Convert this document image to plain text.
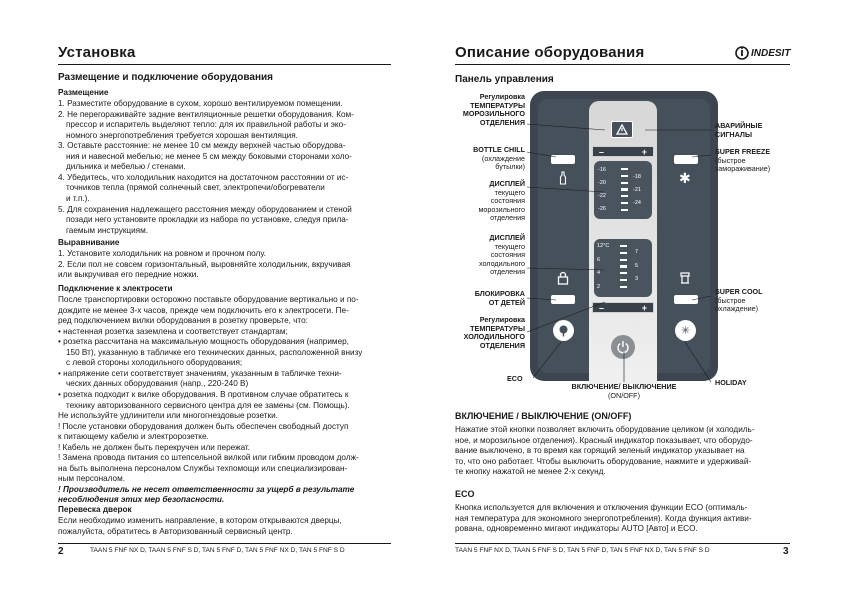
Установка
Размещение и подключение оборудования
Размещение
1. Разместите оборудование в сухом, хорошо вентилируемом помещении.
2. Не перегораживайте задние вентиляционные решетки оборудования. Ком-
прессор и испаритель выделяют тепло: для их правильной работы и эко-
номного энергопотребления требуется хорошая вентиляция.
3. Оставьте расстояние: не менее 10 см между верхней частью оборудова-
ния и навесной мебелью; не менее 5 см между боковыми сторонами холо-
дильника и мебелью / стенами.
4. Убедитесь, что холодильник находится на достаточном расстоянии от ис-
точников тепла (прямой солнечный свет, электропечи/обогреватели
и т.п.).
5. Для сохранения надлежащего расстояния между оборудованием и стеной
позади него установите прокладки из набора по установке, следуя прила-
гаемым инструкциям.
Выравнивание
1. Установите холодильник на ровном и прочном полу.
2. Если пол не совсем горизонтальный, выровняйте холодильник, вкручивая
или выкручивая его передние ножки.
Подключение к электросети
После транспортировки осторожно поставьте оборудование вертикально и по-
дождите не менее 3-х часов, прежде чем подключить его к электросети. Пе-
ред подключением вилки оборудования в розетку проверьте, что:
• настенная розетка заземлена и соответствует стандартам;
• розетка рассчитана на максимальную мощность оборудования (например,
150 Вт), указанную в табличке его технических данных, расположенной внизу
с левой стороны холодильного оборудования;
• напряжение сети соответствует значениям, указанным в табличке техни-
ческих данных оборудования (напр., 220-240 В)
• розетка подходит к вилке оборудования. В противном случае обратитесь к
технику авторизованного сервисного центра для ее замены (см. Помощь).
Не используйте удлинители или многогнездовые розетки.
! После установки оборудования должен быть обеспечен свободный доступ
к питающему кабелю и электророзетке.
! Кабель не должен быть перекручен или пережат.
! Замена провода питания со штепсельной вилкой или гибким проводом долж-
на быть выполнена персоналом Службы техпомощи или специализирован-
ным персоналом.
! Производитель не несет ответственности за ущерб в результате
несоблюдения этих мер безопасности.
Перевеска дверок
Если необходимо изменить направление, в котором открываются дверцы,
пожалуйста, обратитесь в Авторизованный сервисный центр.
2	TAAN 5 FNF NX D, TAAN 5 FNF S D, TAN 5 FNF D, TAN 5 FNF NX D, TAN 5 FNF S D
Описание оборудования	INDESIT
Панель управления
–	+
-16
-20
-22
-26
-18
-21
-24
12°C
6
4
2
7
5
3
–	+
✱
✳
Регулировка
ТЕМПЕРАТУРЫ
МОРОЗИЛЬНОГО
ОТДЕЛЕНИЯ
BOTTLE CHILL
(охлаждение
бутылки)
ДИСПЛЕЙ
текущего
состояния
морозильного
отделения
ДИСПЛЕЙ
текущего
состояния
холодильного
отделения
БЛОКИРОВКА
ОТ ДЕТЕЙ
Регулировка
ТЕМПЕРАТУРЫ
ХОЛОДИЛЬНОГО
ОТДЕЛЕНИЯ
ECO
ВКЛЮЧЕНИЕ/ ВЫКЛЮЧЕНИЕ
(ON/OFF)
АВАРИЙНЫЕ
СИГНАЛЫ
SUPER FREEZE
(быстрое
замораживание)
SUPER COOL
(быстрое
охлаждение)
HOLIDAY
ВКЛЮЧЕНИЕ / ВЫКЛЮЧЕНИЕ (ON/OFF)
Нажатие этой кнопки позволяет включить оборудование целиком (и холодиль-
ное, и морозильное отделения). Красный индикатор показывает, что оборудо-
вание выключено, в то время как горящий зеленый индикатор указывает на
то, что оно работает. Чтобы выключить оборудование, нажмите и удерживай-
те кнопку нажатой не менее 2-х секунд.
ECO
Кнопка используется для включения и отключения функции ECO (оптималь-
ная температура для экономного энергопотребления). Когда функция активи-
рована, одновременно мигают индикаторы AUTO [Авто] и ECO.
TAAN 5 FNF NX D, TAAN 5 FNF S D, TAN 5 FNF D, TAN 5 FNF NX D, TAN 5 FNF S D	3
